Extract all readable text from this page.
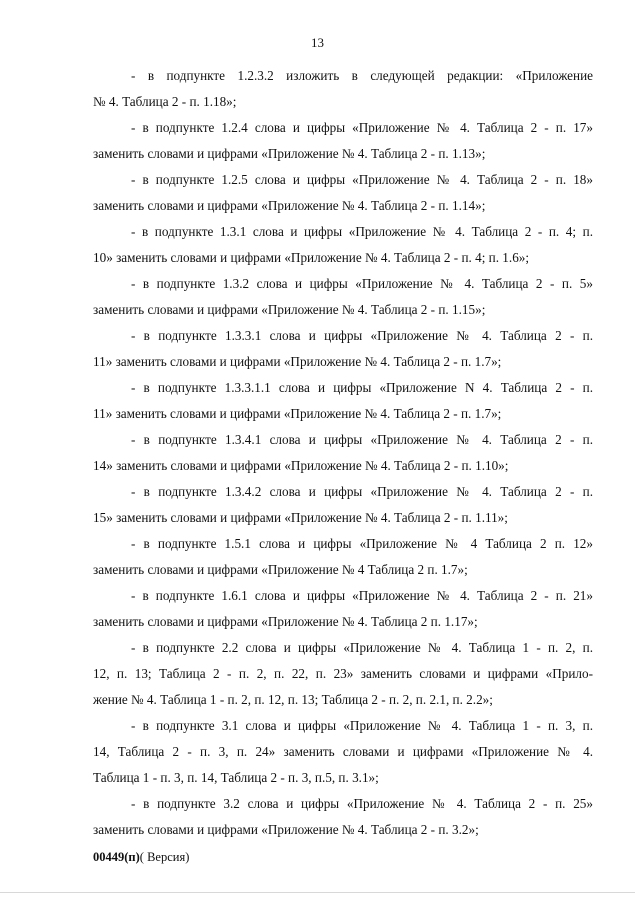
13

- в подпункте 1.2.3.2 изложить в следующей редакции: «Приложение
№ 4. Таблица 2 - п. 1.18»;

- в подпункте 1.2.4 слова и цифры «Приложение № 4. Таблица 2 - п. 17»
заменить словами и цифрами «Приложение № 4. Таблица 2 - п. 1.13»;

- в подпункте 1.2.5 слова и цифры «Приложение № 4. Таблица 2 - п. 18»
заменить словами и цифрами «Приложение № 4. Таблица 2 - п. 1.14»;

- в подпункте 1.3.1 слова и цифры «Приложение № 4. Таблица 2 - п. 4; п.
10» заменить словами и цифрами «Приложение № 4. Таблица 2 - п. 4; п. 1.6»;

- в подпункте 1.3.2 слова и цифры «Приложение № 4. Таблица 2 - п. 5»
заменить словами и цифрами «Приложение № 4. Таблица 2 - п. 1.15»;

- в подпункте 1.3.3.1 слова и цифры «Приложение № 4. Таблица 2 - п.
11» заменить словами и цифрами «Приложение № 4. Таблица 2 - п. 1.7»;

- в подпункте 1.3.3.1.1 слова и цифры «Приложение N 4. Таблица 2 - п.
11» заменить словами и цифрами «Приложение № 4. Таблица 2 - п. 1.7»;

- в подпункте 1.3.4.1 слова и цифры «Приложение № 4. Таблица 2 - п.
14» заменить словами и цифрами «Приложение № 4. Таблица 2 - п. 1.10»;

- в подпункте 1.3.4.2 слова и цифры «Приложение № 4. Таблица 2 - п.
15» заменить словами и цифрами «Приложение № 4. Таблица 2 - п. 1.11»;

- в подпункте 1.5.1 слова и цифры «Приложение № 4 Таблица 2 п. 12»
заменить словами и цифрами «Приложение № 4 Таблица 2 п. 1.7»;

- в подпункте 1.6.1 слова и цифры «Приложение № 4. Таблица 2 - п. 21»
заменить словами и цифрами «Приложение № 4. Таблица 2 п. 1.17»;

- в подпункте 2.2 слова и цифры «Приложение № 4. Таблица 1 - п. 2, п.
12, п. 13; Таблица 2 - п. 2, п. 22, п. 23» заменить словами и цифрами «Прило-
жение № 4. Таблица 1 - п. 2, п. 12, п. 13; Таблица 2 - п. 2, п. 2.1, п. 2.2»;

- в подпункте 3.1 слова и цифры «Приложение № 4. Таблица 1 - п. 3, п.
14, Таблица 2 - п. 3, п. 24» заменить словами и цифрами «Приложение № 4.
Таблица 1 - п. 3, п. 14, Таблица 2 - п. 3, п.5, п. 3.1»;

- в подпункте 3.2 слова и цифры «Приложение № 4. Таблица 2 - п. 25»
заменить словами и цифрами «Приложение № 4. Таблица 2 - п. 3.2»;

00449(п)( Версия)
